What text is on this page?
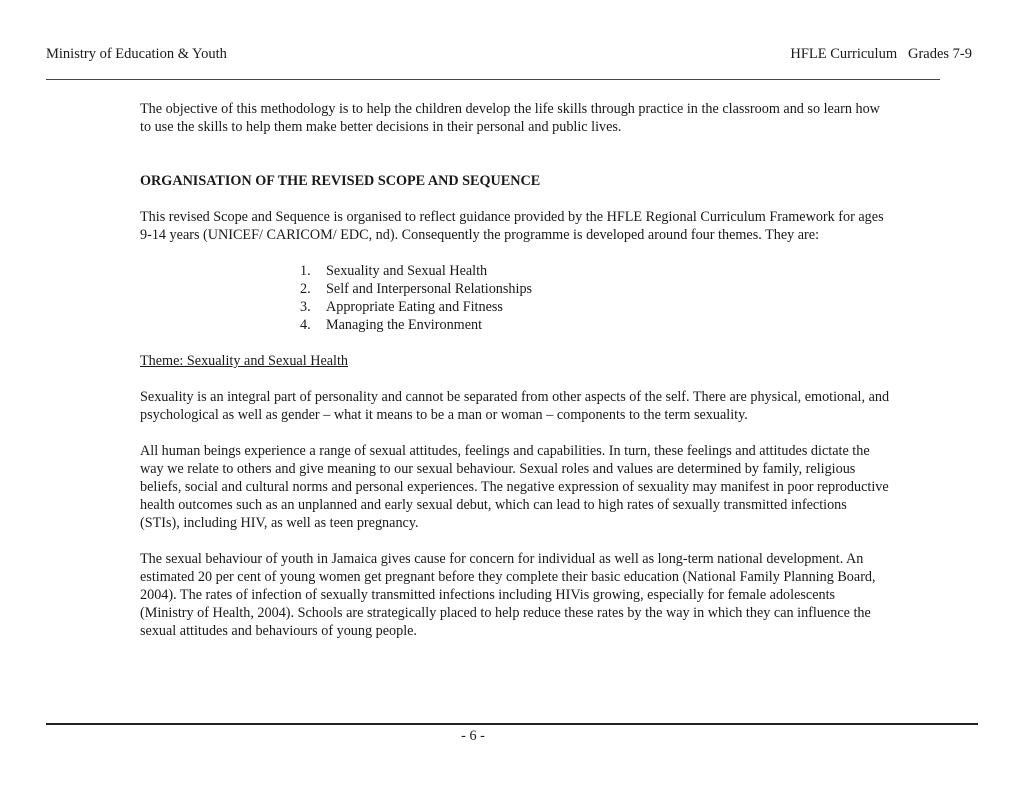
Ministry of Education & Youth	HFLE Curriculum   Grades 7-9

The objective of this methodology is to help the children develop the life skills through practice in the classroom and so learn how to use the skills to help them make better decisions in their personal and public lives.

ORGANISATION OF THE REVISED SCOPE AND SEQUENCE

This revised Scope and Sequence is organised to reflect guidance provided by the HFLE Regional Curriculum Framework for ages 9-14 years (UNICEF/ CARICOM/ EDC, nd). Consequently the programme is developed around four themes. They are:

1.	Sexuality and Sexual Health
2.	Self and Interpersonal Relationships
3.	Appropriate Eating and Fitness
4.	Managing the Environment

Theme: Sexuality and Sexual Health

Sexuality is an integral part of personality and cannot be separated from other aspects of the self. There are physical, emotional, and psychological as well as gender – what it means to be a man or woman – components to the term sexuality.

All human beings experience a range of sexual attitudes, feelings and capabilities. In turn, these feelings and attitudes dictate the way we relate to others and give meaning to our sexual behaviour. Sexual roles and values are determined by family, religious beliefs, social and cultural norms and personal experiences. The negative expression of sexuality may manifest in poor reproductive health outcomes such as an unplanned and early sexual debut, which can lead to high rates of sexually transmitted infections (STIs), including HIV, as well as teen pregnancy.

The sexual behaviour of youth in Jamaica gives cause for concern for individual as well as long-term national development. An estimated 20 per cent of young women get pregnant before they complete their basic education (National Family Planning Board, 2004). The rates of infection of sexually transmitted infections including HIVis growing, especially for female adolescents (Ministry of Health, 2004). Schools are strategically placed to help reduce these rates by the way in which they can influence the sexual attitudes and behaviours of young people.

- 6 -
